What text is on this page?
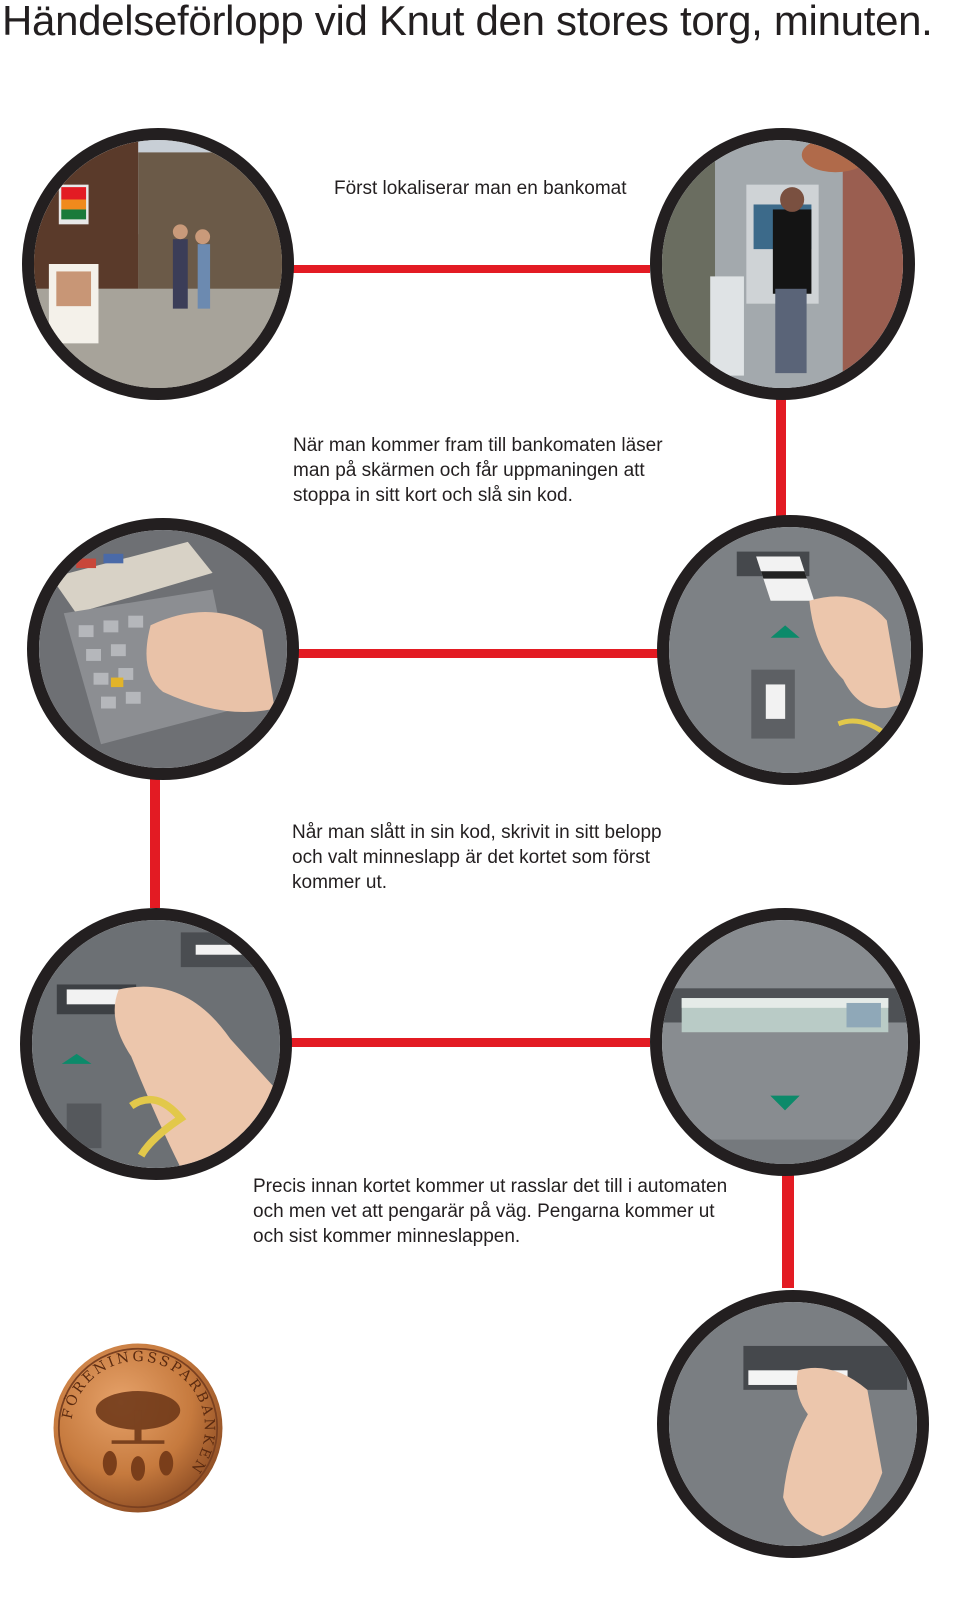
Händelseförlopp vid Knut den stores torg, minuten.
Först lokaliserar man en bankomat
När man kommer fram till bankomaten läser man på skärmen och får uppmaningen att stoppa in sitt kort och slå sin kod.
Når man slått in sin kod, skrivit in sitt belopp och valt minneslapp är det kortet som först kommer ut.
Precis innan kortet kommer ut rasslar det till i automaten och men vet att pengarär på väg. Pengarna kommer ut och sist kommer minneslappen.
FÖRENINGSSPARBANKEN
